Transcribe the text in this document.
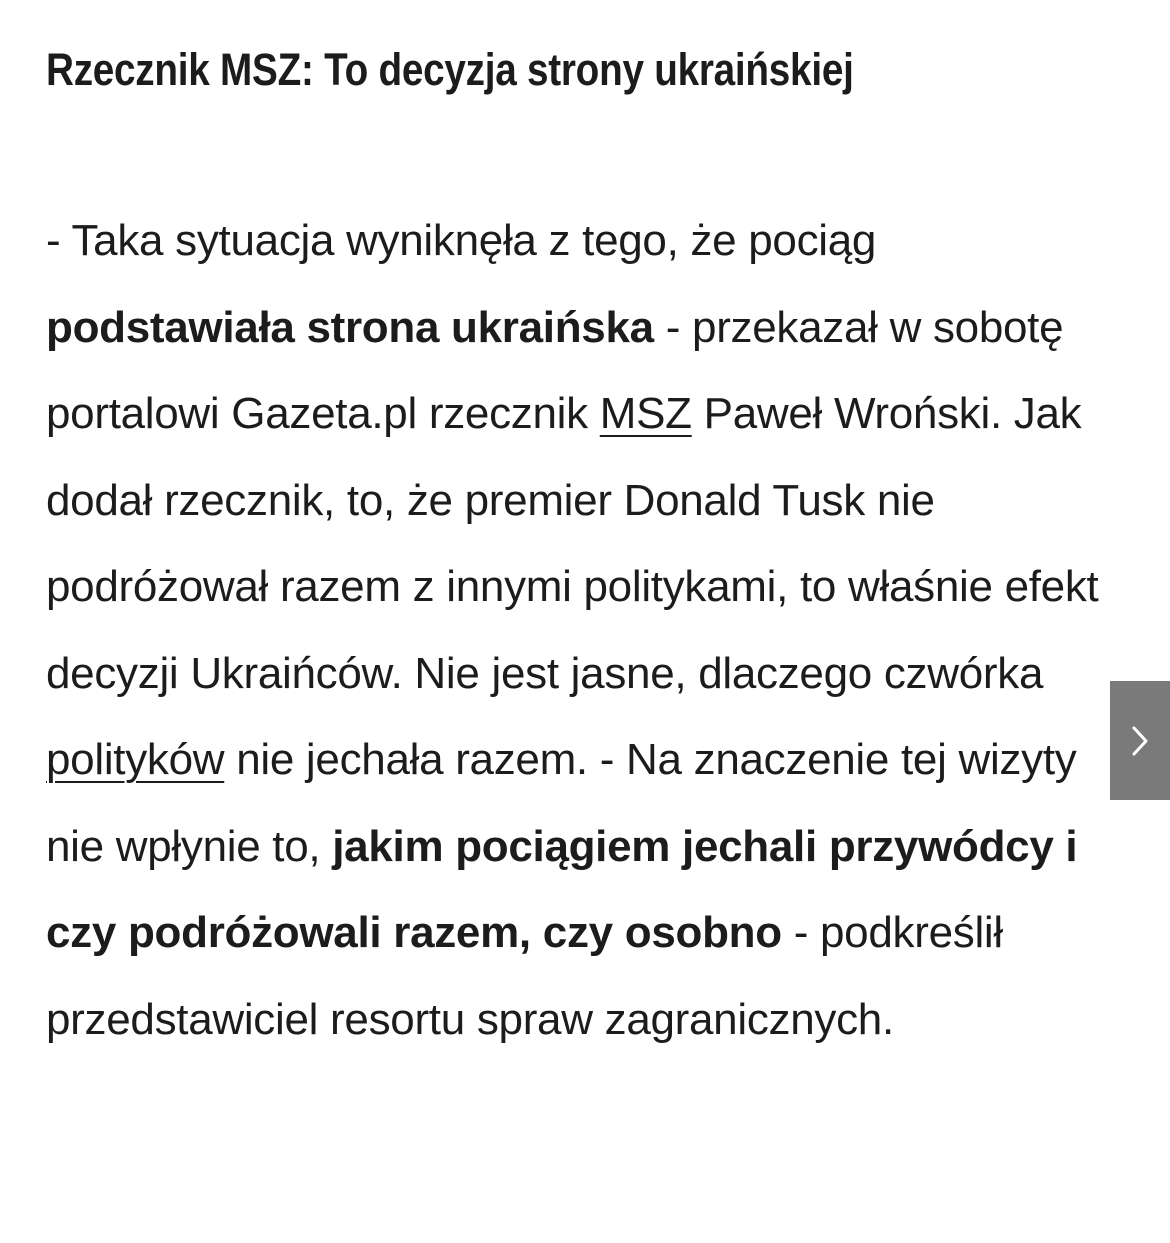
Rzecznik MSZ: To decyzja strony ukraińskiej

- Taka sytuacja wyniknęła z tego, że pociąg podstawiała strona ukraińska - przekazał w sobotę portalowi Gazeta.pl rzecznik MSZ Paweł Wroński. Jak dodał rzecznik, to, że premier Donald Tusk nie podróżował razem z innymi politykami, to właśnie efekt decyzji Ukraińców. Nie jest jasne, dlaczego czwórka polityków nie jechała razem. - Na znaczenie tej wizyty nie wpłynie to, jakim pociągiem jechali przywódcy i czy podróżowali razem, czy osobno - podkreślił przedstawiciel resortu spraw zagranicznych.
